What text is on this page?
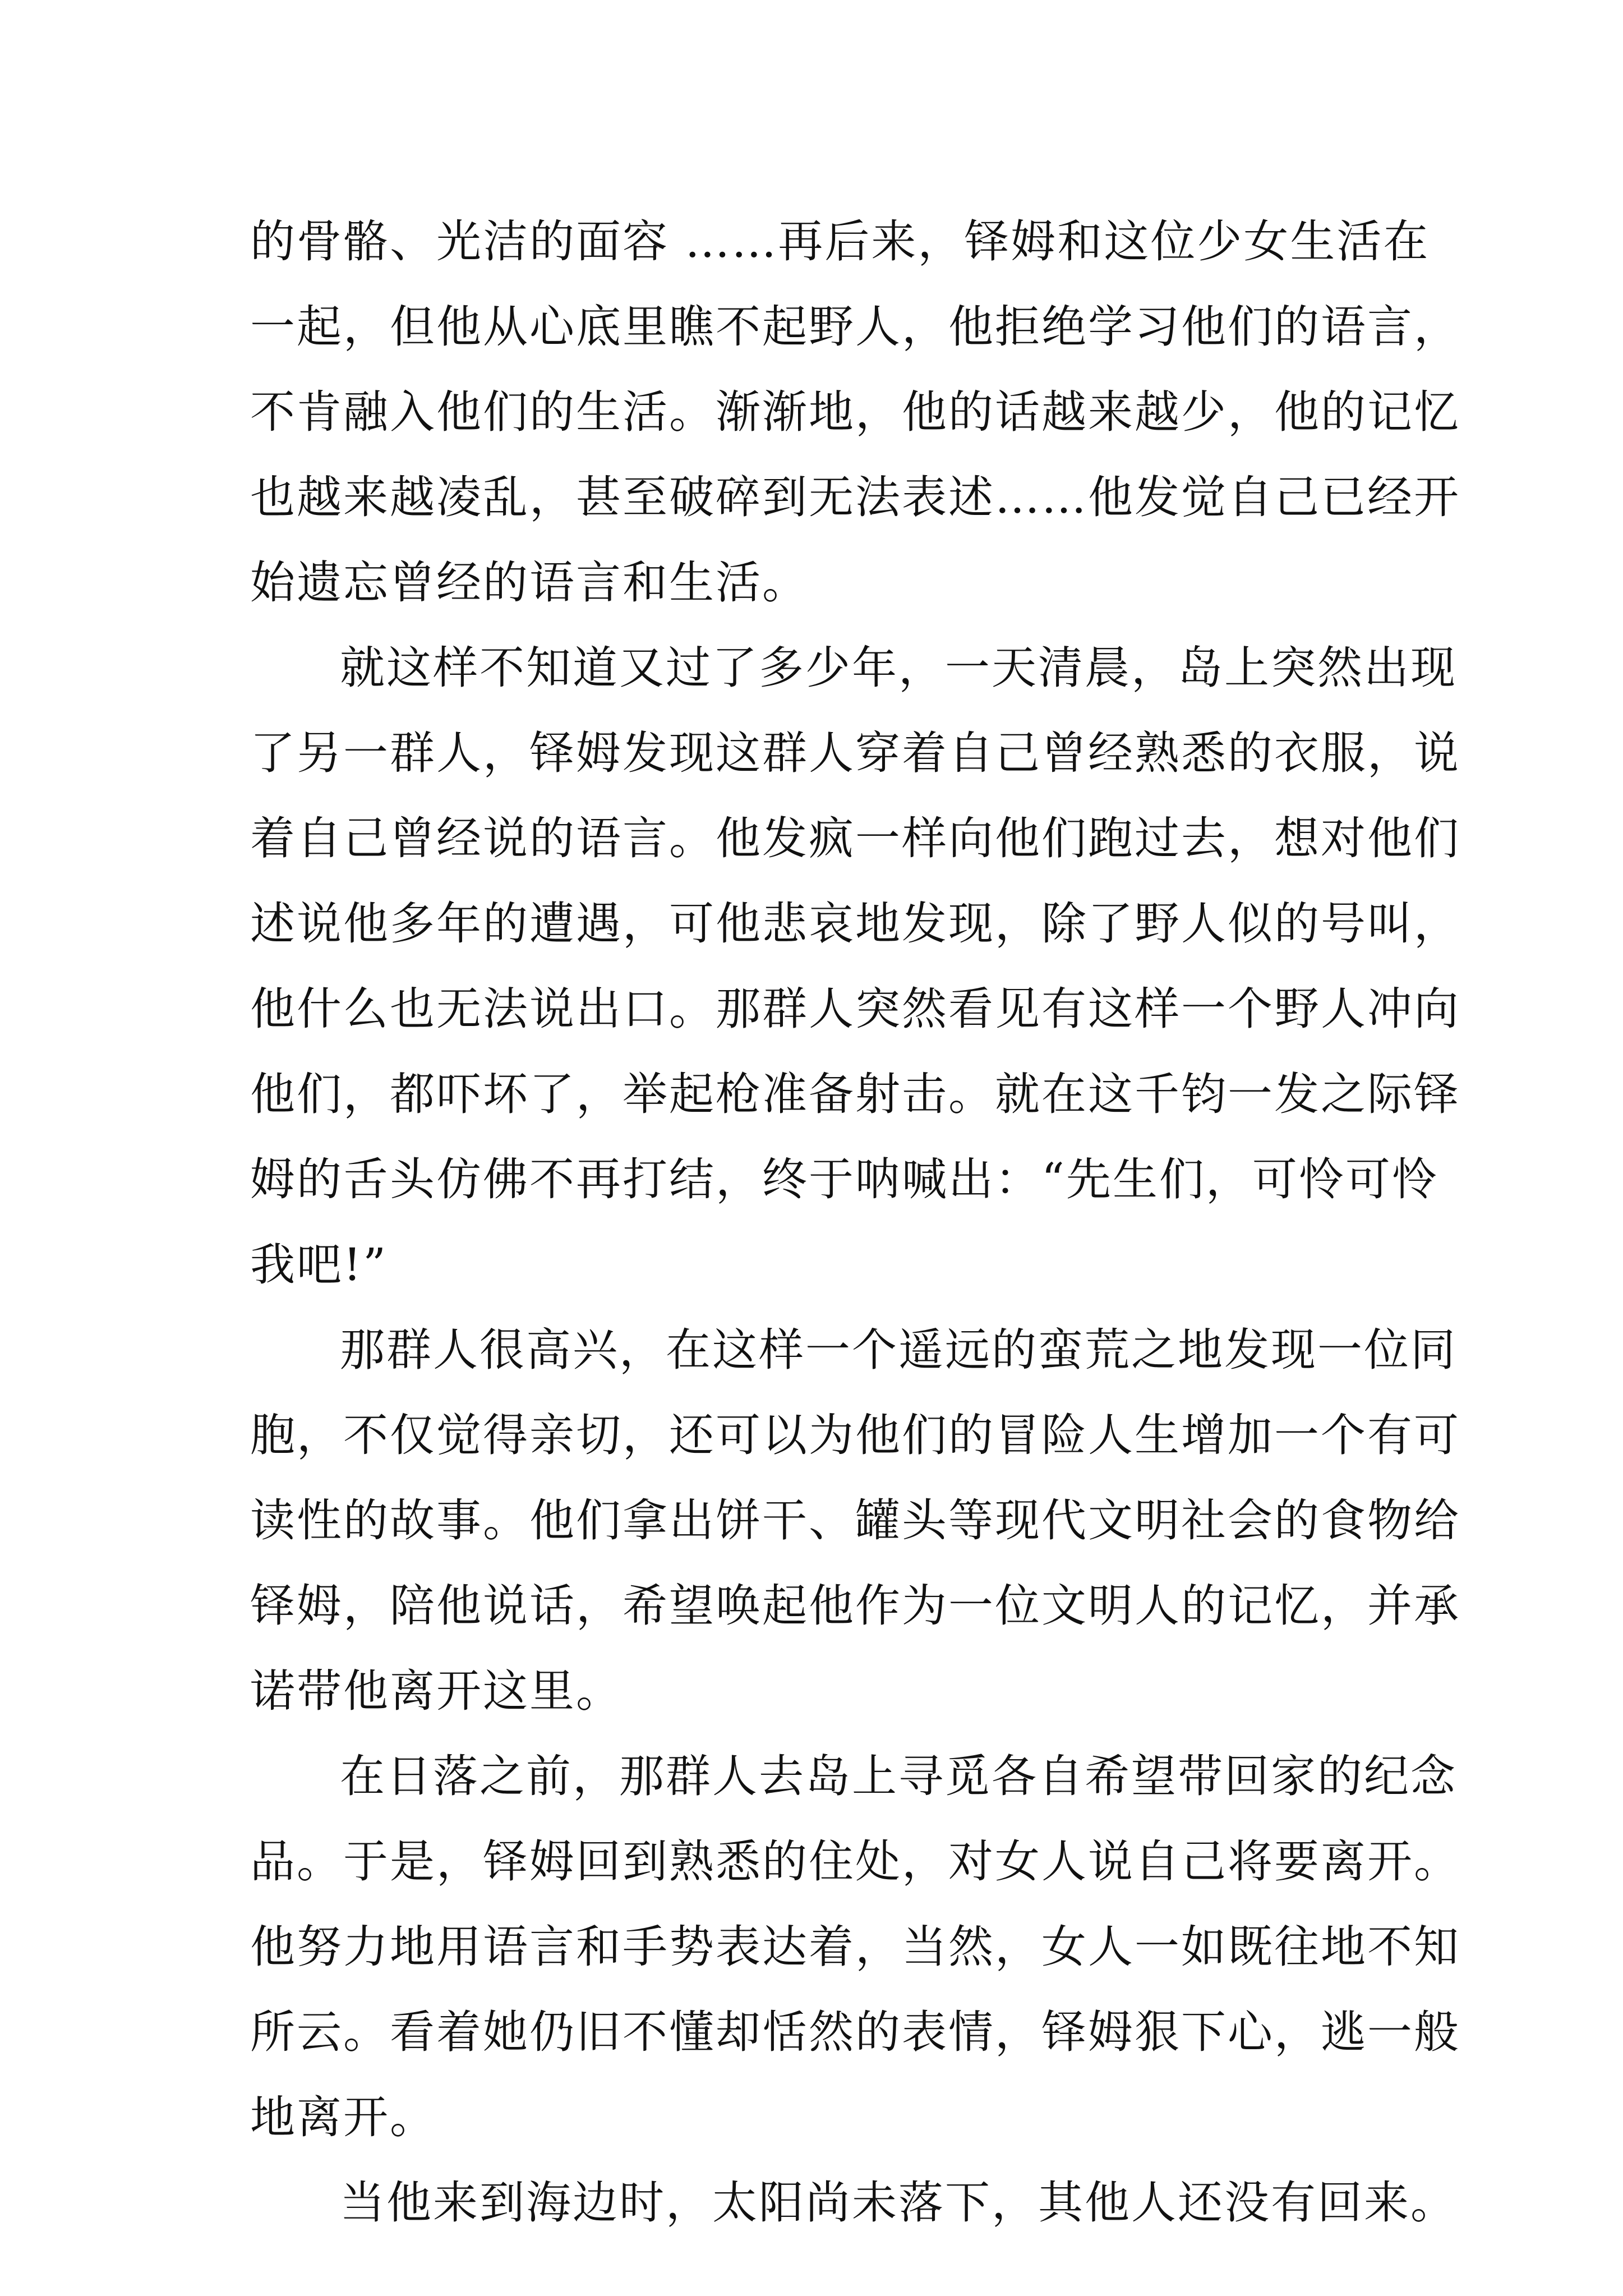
的骨骼、光洁的面容 ……再后来，铎姆和这位少女生活在
一起，但他从心底里瞧不起野人，他拒绝学习他们的语言，
不肯融入他们的生活。渐渐地，他的话越来越少，他的记忆
也越来越凌乱，甚至破碎到无法表述……他发觉自己已经开
始遗忘曾经的语言和生活。
就这样不知道又过了多少年，一天清晨，岛上突然出现
了另一群人，铎姆发现这群人穿着自己曾经熟悉的衣服，说
着自己曾经说的语言。他发疯一样向他们跑过去，想对他们
述说他多年的遭遇，可他悲哀地发现，除了野人似的号叫，
他什么也无法说出口。那群人突然看见有这样一个野人冲向
他们，都吓坏了，举起枪准备射击。就在这千钧一发之际铎
姆的舌头仿佛不再打结，终于呐喊出：“先生们，可怜可怜
我吧!”
那群人很高兴，在这样一个遥远的蛮荒之地发现一位同
胞，不仅觉得亲切，还可以为他们的冒险人生增加一个有可
读性的故事。他们拿出饼干、罐头等现代文明社会的食物给
铎姆，陪他说话，希望唤起他作为一位文明人的记忆，并承
诺带他离开这里。
在日落之前，那群人去岛上寻觅各自希望带回家的纪念
品。于是，铎姆回到熟悉的住处，对女人说自己将要离开。
他努力地用语言和手势表达着，当然，女人一如既往地不知
所云。看着她仍旧不懂却恬然的表情，铎姆狠下心，逃一般
地离开。
当他来到海边时，太阳尚未落下，其他人还没有回来。
